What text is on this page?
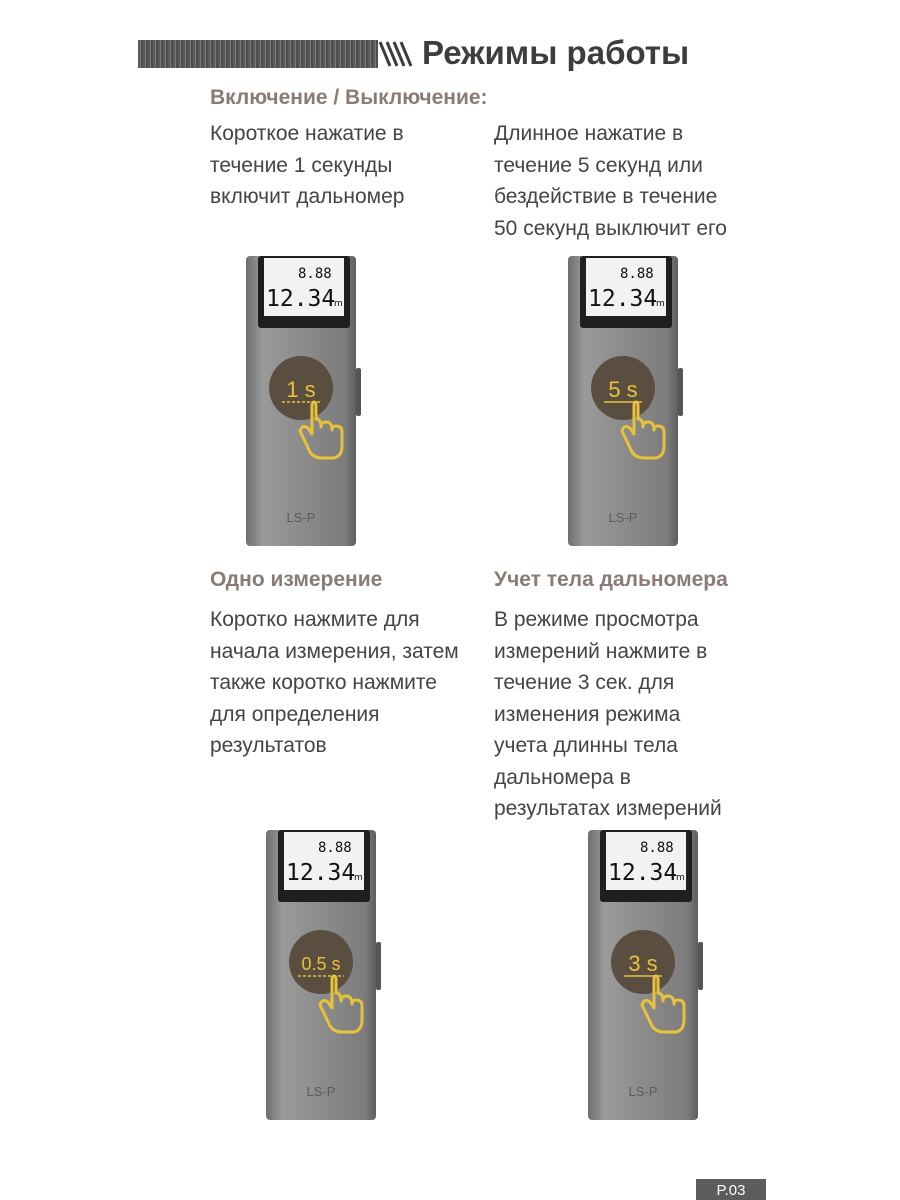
Режимы работы
Включение / Выключение:
Короткое нажатие в
течение 1 секунды
включит дальномер
Длинное нажатие в
течение 5 секунд или
бездействие в течение
50 секунд выключит его
Одно измерение
Коротко нажмите для
начала измерения, затем
также коротко нажмите
для определения
результатов
Учет тела дальномера
В режиме просмотра
измерений нажмите в
течение 3 сек. для
изменения режима
учета длинны тела
дальномера в
результатах измерений
8.88
12.34
m
1 s
LS-P
8.88
12.34
m
5 s
LS-P
8.88
12.34
m
0.5 s
LS-P
8.88
12.34
m
3 s
LS-P
P.03
